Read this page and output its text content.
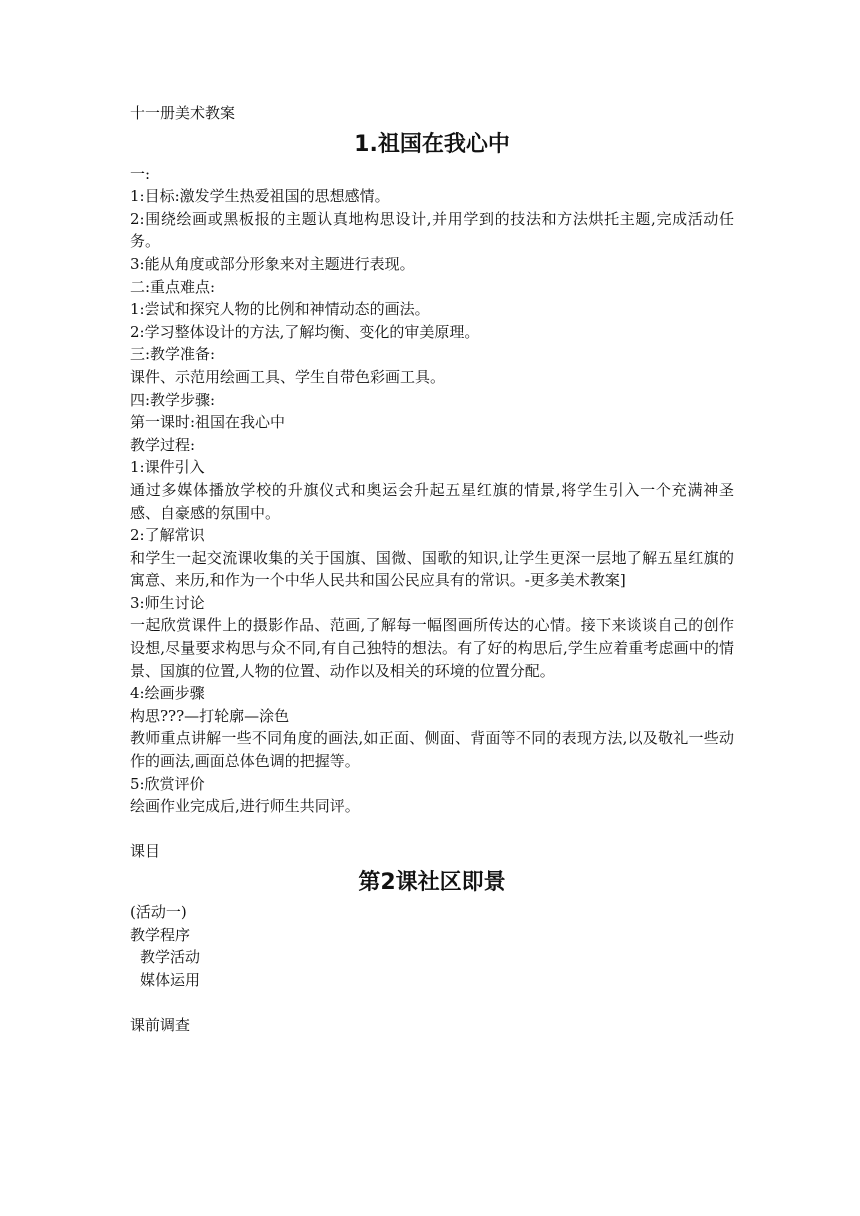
十一册美术教案
1.祖国在我心中
一:
1:目标:激发学生热爱祖国的思想感情。
2:围绕绘画或黑板报的主题认真地构思设计,并用学到的技法和方法烘托主题,完成活动任务。
3:能从角度或部分形象来对主题进行表现。
二:重点难点:
1:尝试和探究人物的比例和神情动态的画法。
2:学习整体设计的方法,了解均衡、变化的审美原理。
三:教学准备:
课件、示范用绘画工具、学生自带色彩画工具。
四:教学步骤:
第一课时:祖国在我心中
教学过程:
1:课件引入
通过多媒体播放学校的升旗仪式和奥运会升起五星红旗的情景,将学生引入一个充满神圣感、自豪感的氛围中。
2:了解常识
和学生一起交流课收集的关于国旗、国微、国歌的知识,让学生更深一层地了解五星红旗的寓意、来历,和作为一个中华人民共和国公民应具有的常识。-更多美术教案]
3:师生讨论
一起欣赏课件上的摄影作品、范画,了解每一幅图画所传达的心情。接下来谈谈自己的创作设想,尽量要求构思与众不同,有自己独特的想法。有了好的构思后,学生应着重考虑画中的情景、国旗的位置,人物的位置、动作以及相关的环境的位置分配。
4:绘画步骤
构思???—打轮廓—涂色
教师重点讲解一些不同角度的画法,如正面、侧面、背面等不同的表现方法,以及敬礼一些动作的画法,画面总体色调的把握等。
5:欣赏评价
绘画作业完成后,进行师生共同评。
课目
第2课社区即景
(活动一)
教学程序
教学活动
媒体运用
课前调查
